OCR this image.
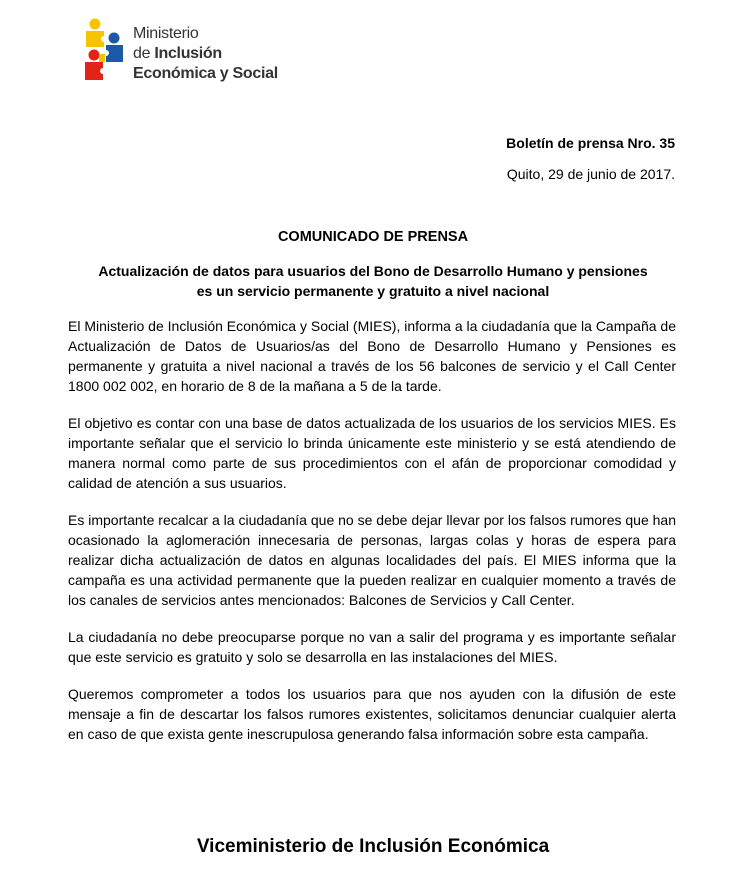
Ministerio
de Inclusión
Económica y Social
Boletín de prensa Nro. 35
Quito, 29 de junio de 2017.
COMUNICADO DE PRENSA
Actualización de datos para usuarios del Bono de Desarrollo Humano y pensiones
es un servicio permanente y gratuito a nivel nacional

El Ministerio de Inclusión Económica y Social (MIES), informa a la ciudadanía que la Campaña de Actualización de Datos de Usuarios/as del Bono de Desarrollo Humano y Pensiones es permanente y gratuita a nivel nacional a través de los 56 balcones de servicio y el Call Center 1800 002 002, en horario de 8 de la mañana a 5 de la tarde.

El objetivo es contar con una base de datos actualizada de los usuarios de los servicios MIES. Es importante señalar que el servicio lo brinda únicamente este ministerio y se está atendiendo de manera normal como parte de sus procedimientos con el afán de proporcionar comodidad y calidad de atención a sus usuarios.

Es importante recalcar a la ciudadanía que no se debe dejar llevar por los falsos rumores que han ocasionado la aglomeración innecesaria de personas, largas colas y horas de espera para realizar dicha actualización de datos en algunas localidades del país. El MIES informa que la campaña es una actividad permanente que la pueden realizar en cualquier momento a través de los canales de servicios antes mencionados: Balcones de Servicios y Call Center.

La ciudadanía no debe preocuparse porque no van a salir del programa y es importante señalar que este servicio es gratuito y solo se desarrolla en las instalaciones del MIES.

Queremos comprometer a todos los usuarios para que nos ayuden con la difusión de este mensaje a fin de descartar los falsos rumores existentes, solicitamos denunciar cualquier alerta en caso de que exista gente inescrupulosa generando falsa información sobre esta campaña.

Viceministerio de Inclusión Económica
